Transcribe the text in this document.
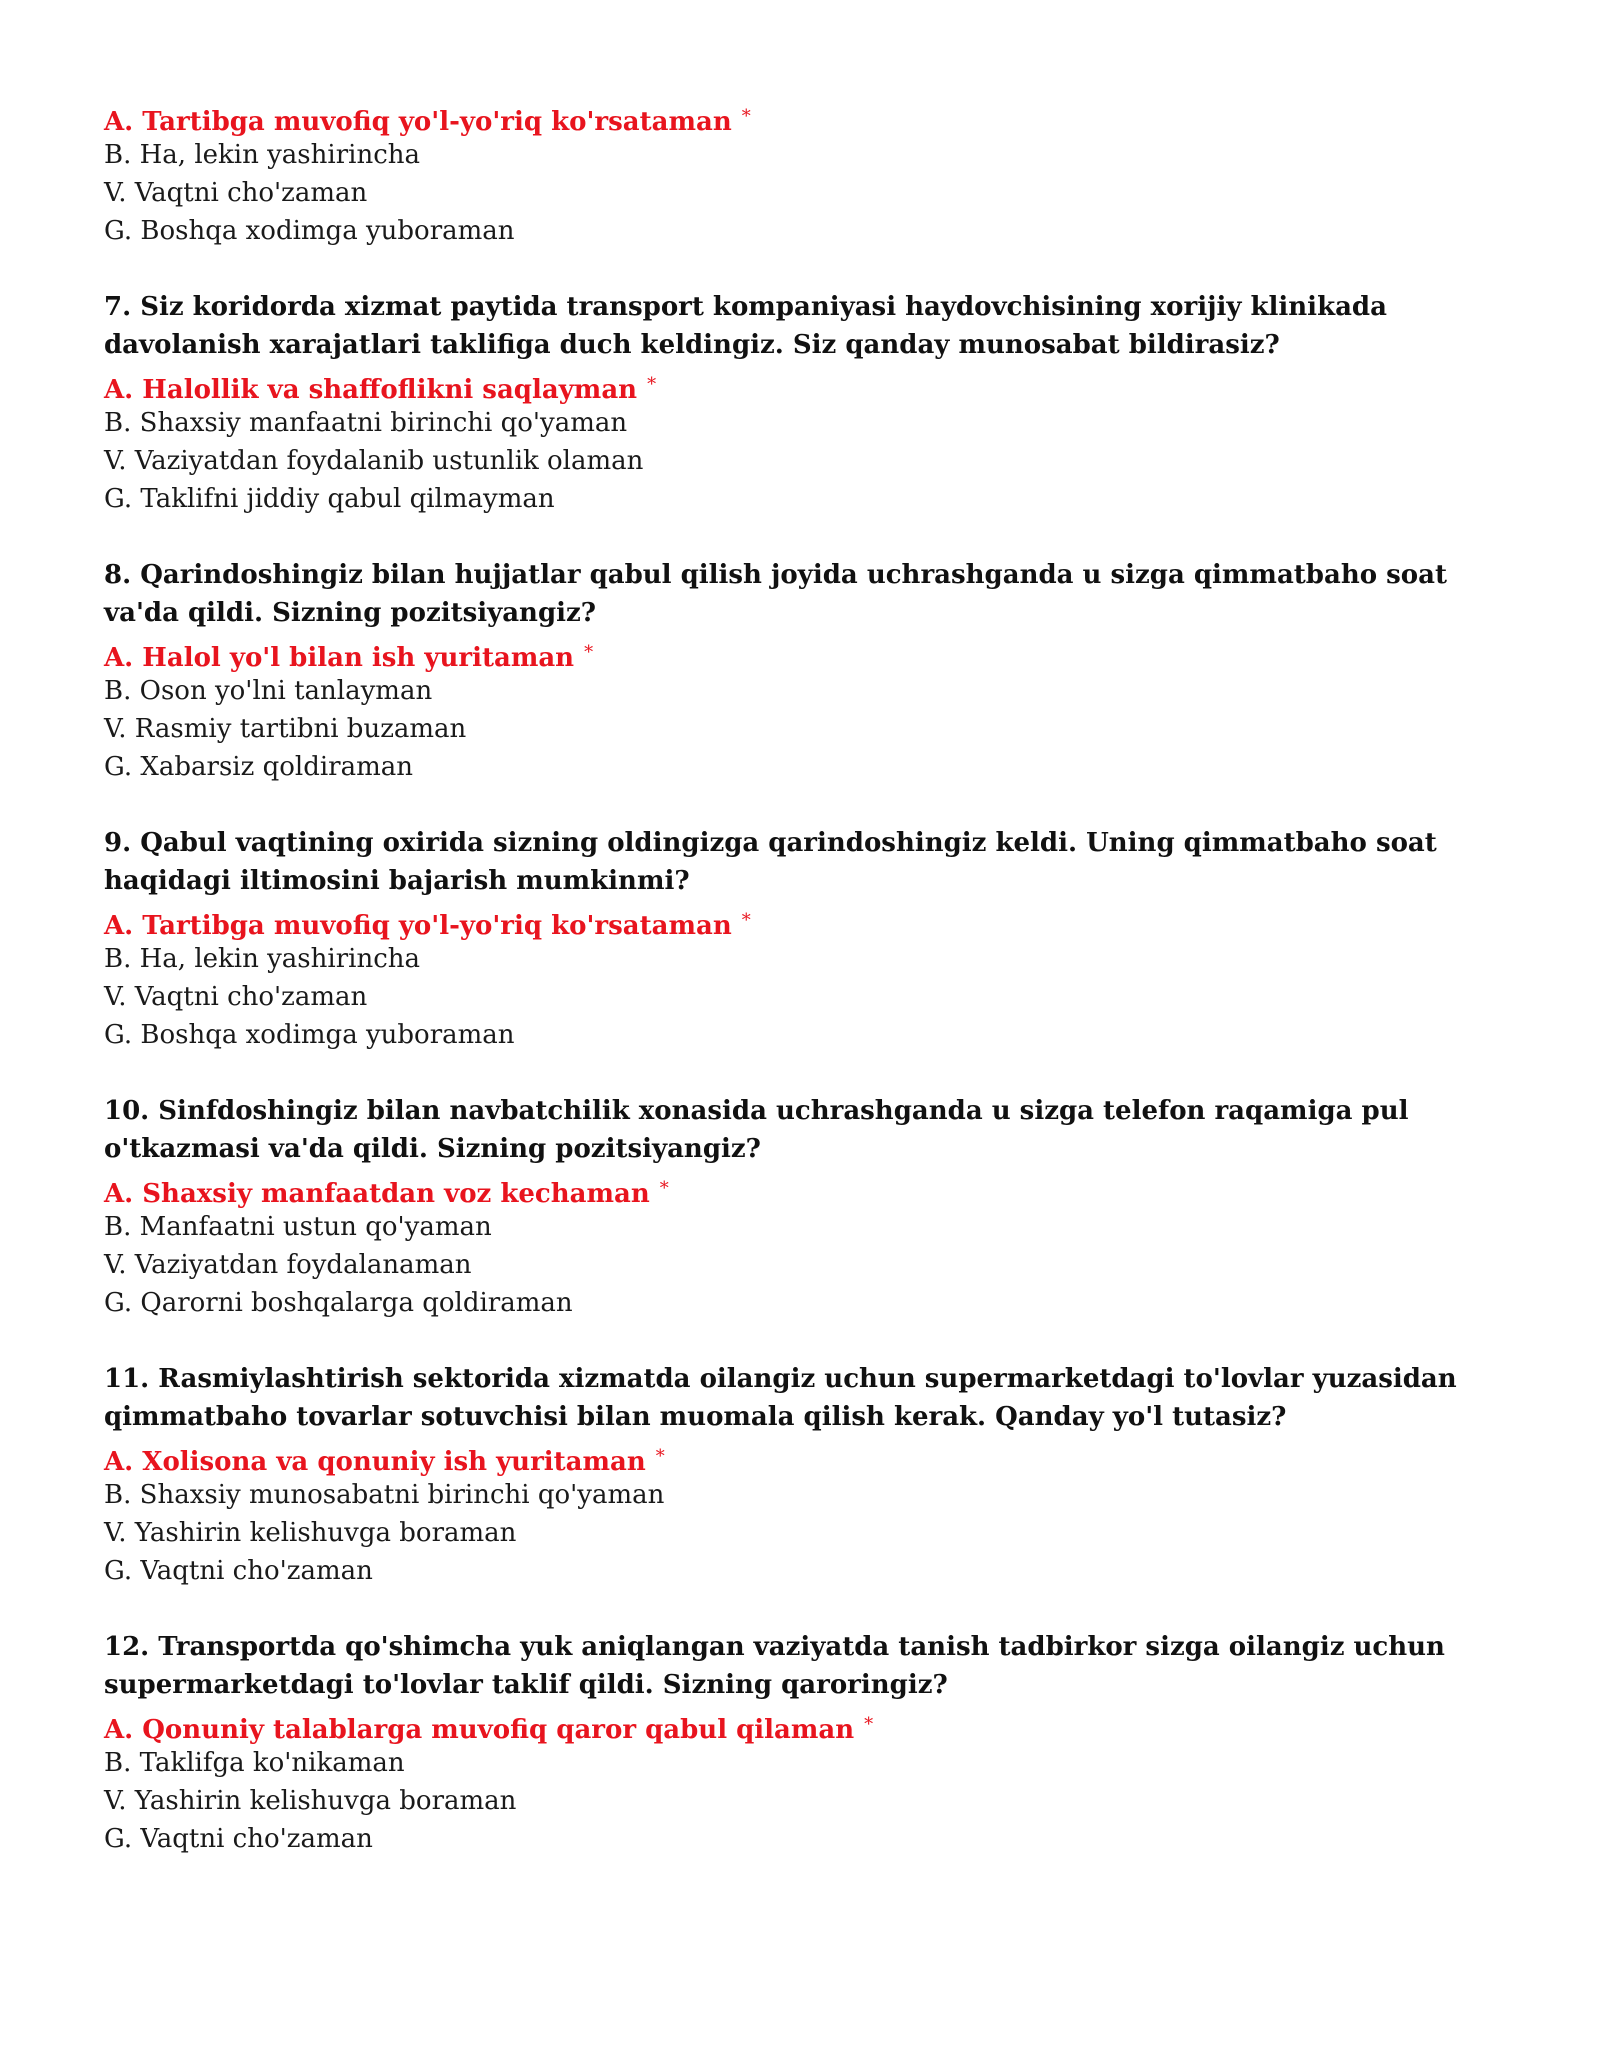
A. Tartibga muvofiq yo'l-yo'riq ko'rsataman *
B. Ha, lekin yashirincha
V. Vaqtni cho'zaman
G. Boshqa xodimga yuboraman
7. Siz koridorda xizmat paytida transport kompaniyasi haydovchisining xorijiy klinikada davolanish xarajatlari taklifiga duch keldingiz. Siz qanday munosabat bildirasiz?
A. Halollik va shaffoflikni saqlayman *
B. Shaxsiy manfaatni birinchi qo'yaman
V. Vaziyatdan foydalanib ustunlik olaman
G. Taklifni jiddiy qabul qilmayman
8. Qarindoshingiz bilan hujjatlar qabul qilish joyida uchrashganda u sizga qimmatbaho soat va'da qildi. Sizning pozitsiyangiz?
A. Halol yo'l bilan ish yuritaman *
B. Oson yo'lni tanlayman
V. Rasmiy tartibni buzaman
G. Xabarsiz qoldiraman
9. Qabul vaqtining oxirida sizning oldingizga qarindoshingiz keldi. Uning qimmatbaho soat haqidagi iltimosini bajarish mumkinmi?
A. Tartibga muvofiq yo'l-yo'riq ko'rsataman *
B. Ha, lekin yashirincha
V. Vaqtni cho'zaman
G. Boshqa xodimga yuboraman
10. Sinfdoshingiz bilan navbatchilik xonasida uchrashganda u sizga telefon raqamiga pul o'tkazmasi va'da qildi. Sizning pozitsiyangiz?
A. Shaxsiy manfaatdan voz kechaman *
B. Manfaatni ustun qo'yaman
V. Vaziyatdan foydalanaman
G. Qarorni boshqalarga qoldiraman
11. Rasmiylashtirish sektorida xizmatda oilangiz uchun supermarketdagi to'lovlar yuzasidan qimmatbaho tovarlar sotuvchisi bilan muomala qilish kerak. Qanday yo'l tutasiz?
A. Xolisona va qonuniy ish yuritaman *
B. Shaxsiy munosabatni birinchi qo'yaman
V. Yashirin kelishuvga boraman
G. Vaqtni cho'zaman
12. Transportda qo'shimcha yuk aniqlangan vaziyatda tanish tadbirkor sizga oilangiz uchun supermarketdagi to'lovlar taklif qildi. Sizning qaroringiz?
A. Qonuniy talablarga muvofiq qaror qabul qilaman *
B. Taklifga ko'nikaman
V. Yashirin kelishuvga boraman
G. Vaqtni cho'zaman
